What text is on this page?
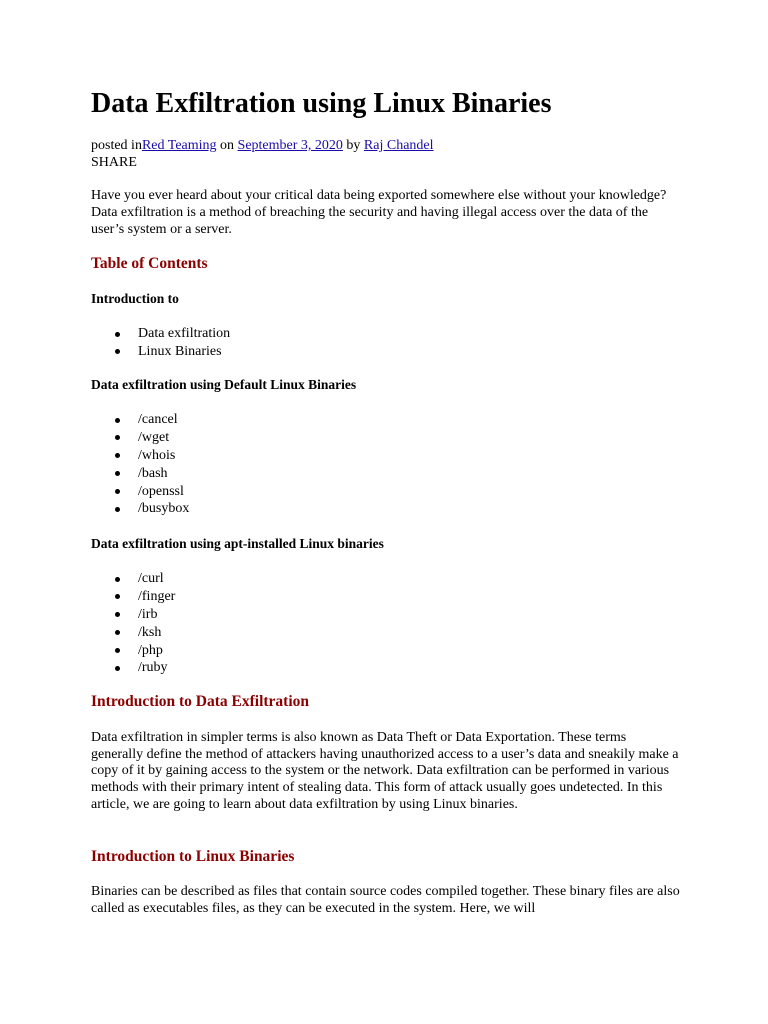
Data Exfiltration using Linux Binaries
posted inRed Teaming on September 3, 2020 by Raj Chandel
SHARE
Have you ever heard about your critical data being exported somewhere else without your knowledge? Data exfiltration is a method of breaching the security and having illegal access over the data of the user’s system or a server.
Table of Contents
Introduction to
Data exfiltration
Linux Binaries
Data exfiltration using Default Linux Binaries
/cancel
/wget
/whois
/bash
/openssl
/busybox
Data exfiltration using apt-installed Linux binaries
/curl
/finger
/irb
/ksh
/php
/ruby
Introduction to Data Exfiltration
Data exfiltration in simpler terms is also known as Data Theft or Data Exportation. These terms generally define the method of attackers having unauthorized access to a user’s data and sneakily make a copy of it by gaining access to the system or the network. Data exfiltration can be performed in various methods with their primary intent of stealing data. This form of attack usually goes undetected. In this article, we are going to learn about data exfiltration by using Linux binaries.
Introduction to Linux Binaries
Binaries can be described as files that contain source codes compiled together. These binary files are also called as executables files, as they can be executed in the system. Here, we will
